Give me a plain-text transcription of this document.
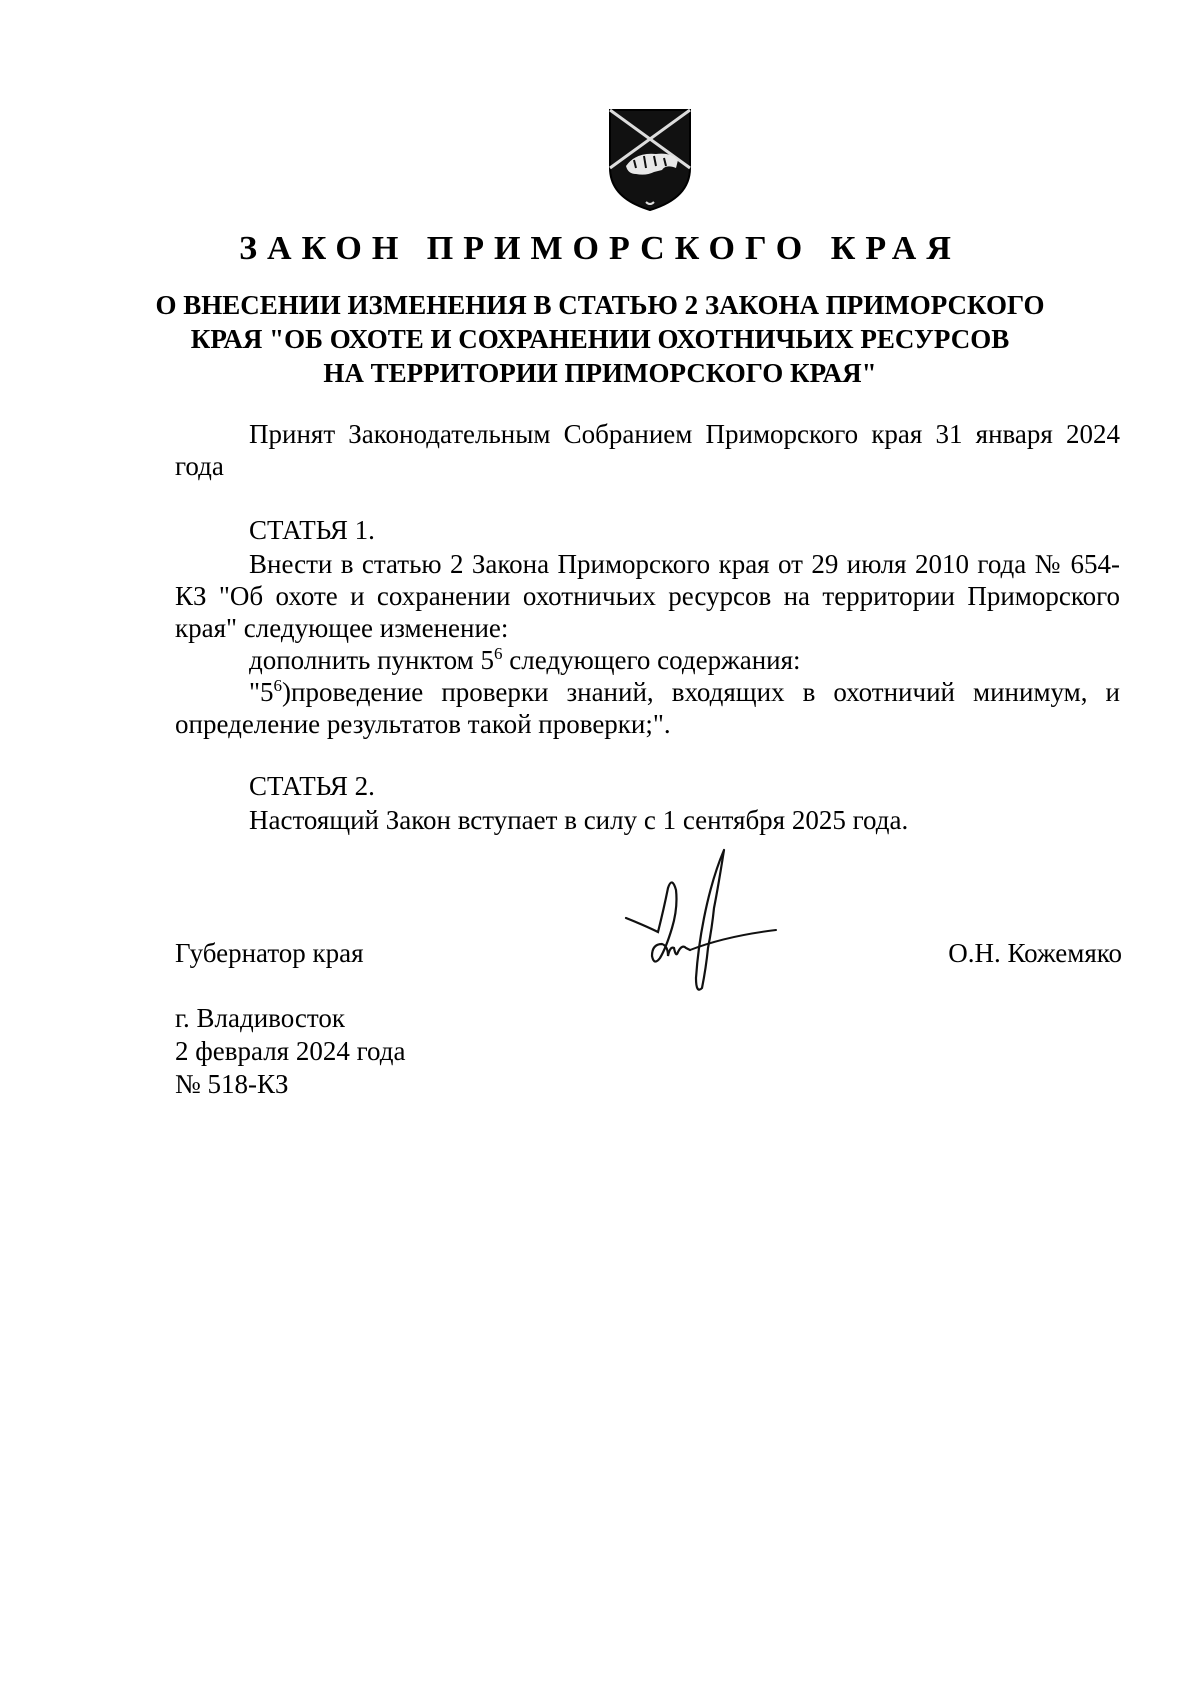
ЗАКОН ПРИМОРСКОГО КРАЯ
О ВНЕСЕНИИ ИЗМЕНЕНИЯ В СТАТЬЮ 2 ЗАКОНА ПРИМОРСКОГО
КРАЯ "ОБ ОХОТЕ И СОХРАНЕНИИ ОХОТНИЧЬИХ РЕСУРСОВ
НА ТЕРРИТОРИИ ПРИМОРСКОГО КРАЯ"

Принят Законодательным Собранием Приморского края 31 января 2024 года

СТАТЬЯ 1.

Внести в статью 2 Закона Приморского края от 29 июля 2010 года № 654-КЗ "Об охоте и сохранении охотничьих ресурсов на территории Приморского края" следующее изменение:

дополнить пунктом $5^6$ следующего содержания:

"$5^6)проведение$ проверки знаний, входящих в охотничий минимум, и определение результатов такой проверки;".

СТАТЬЯ 2.

Настоящий Закон вступает в силу с 1 сентября 2025 года.

Губернатор края	О.Н. Кожемяко
г. Владивосток
2 февраля 2024 года
№ 518-КЗ
